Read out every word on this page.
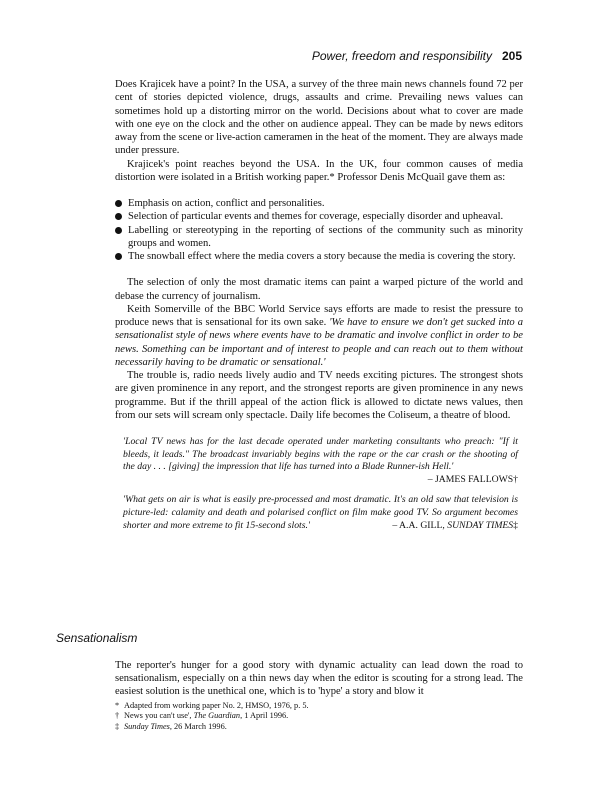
Power, freedom and responsibility 205

Does Krajicek have a point? In the USA, a survey of the three main news channels found 72 per cent of stories depicted violence, drugs, assaults and crime. Prevailing news values can sometimes hold up a distorting mirror on the world. Decisions about what to cover are made with one eye on the clock and the other on audience appeal. They can be made by news editors away from the scene or live-action cameramen in the heat of the moment. They are always made under pressure.

Krajicek's point reaches beyond the USA. In the UK, four common causes of media distortion were isolated in a British working paper.* Professor Denis McQuail gave them as:

Emphasis on action, conflict and personalities.
Selection of particular events and themes for coverage, especially disorder and upheaval.
Labelling or stereotyping in the reporting of sections of the community such as minority groups and women.
The snowball effect where the media covers a story because the media is covering the story.

The selection of only the most dramatic items can paint a warped picture of the world and debase the currency of journalism.

Keith Somerville of the BBC World Service says efforts are made to resist the pressure to produce news that is sensational for its own sake. 'We have to ensure we don't get sucked into a sensationalist style of news where events have to be dramatic and involve conflict in order to be news. Something can be important and of interest to people and can reach out to them without necessarily having to be dramatic or sensational.'

The trouble is, radio needs lively audio and TV needs exciting pictures. The strongest shots are given prominence in any report, and the strongest reports are given prominence in any news programme. But if the thrill appeal of the action flick is allowed to dictate news values, then from our sets will scream only spectacle. Daily life becomes the Coliseum, a theatre of blood.

'Local TV news has for the last decade operated under marketing consultants who preach: "If it bleeds, it leads." The broadcast invariably begins with the rape or the car crash or the shooting of the day . . . [giving] the impression that life has turned into a Blade Runner-ish Hell.'
– JAMES FALLOWS†
'What gets on air is what is easily pre-processed and most dramatic. It's an old saw that television is picture-led: calamity and death and polarised conflict on film make good TV. So argument becomes shorter and more extreme to fit 15-second slots.'	– A.A. GILL, SUNDAY TIMES‡
Sensationalism

The reporter's hunger for a good story with dynamic actuality can lead down the road to sensationalism, especially on a thin news day when the editor is scouting for a strong lead. The easiest solution is the unethical one, which is to 'hype' a story and blow it

* Adapted from working paper No. 2, HMSO, 1976, p. 5.
† News you can't use', The Guardian, 1 April 1996.
‡ Sunday Times, 26 March 1996.
